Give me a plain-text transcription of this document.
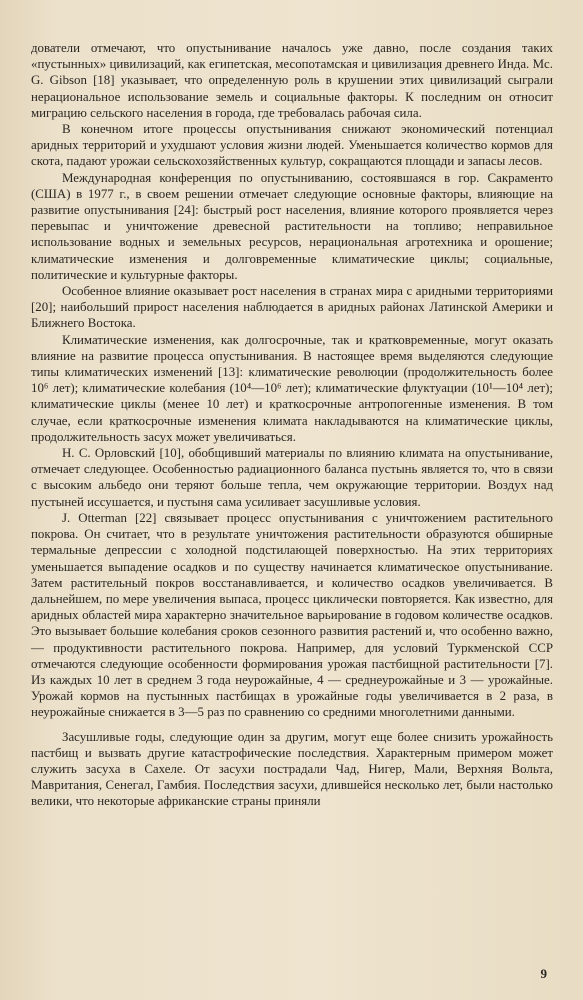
дователи отмечают, что опустынивание началось уже давно, после создания таких «пустынных» цивилизаций, как египетская, месопотамская и цивилизация древнего Инда. Mc. G. Gibson [18] указывает, что определенную роль в крушении этих цивилизаций сыграли нерациональное использование земель и социальные факторы. К последним он относит миграцию сельского населения в города, где требовалась рабочая сила.

В конечном итоге процессы опустынивания снижают экономический потенциал аридных территорий и ухудшают условия жизни людей. Уменьшается количество кормов для скота, падают урожаи сельскохозяйственных культур, сокращаются площади и запасы лесов.

Международная конференция по опустыниванию, состоявшаяся в гор. Сакраменто (США) в 1977 г., в своем решении отмечает следующие основные факторы, влияющие на развитие опустынивания [24]: быстрый рост населения, влияние которого проявляется через перевыпас и уничтожение древесной растительности на топливо; неправильное использование водных и земельных ресурсов, нерациональная агротехника и орошение; климатические изменения и долговременные климатические циклы; социальные, политические и культурные факторы.

Особенное влияние оказывает рост населения в странах мира с аридными территориями [20]; наибольший прирост населения наблюдается в аридных районах Латинской Америки и Ближнего Востока.

Климатические изменения, как долгосрочные, так и кратковременные, могут оказать влияние на развитие процесса опустынивания. В настоящее время выделяются следующие типы климатических изменений [13]: климатические революции (продолжительность более 10⁶ лет); климатические колебания (10⁴—10⁶ лет); климатические флуктуации (10¹—10⁴ лет); климатические циклы (менее 10 лет) и краткосрочные антропогенные изменения. В том случае, если краткосрочные изменения климата накладываются на климатические циклы, продолжительность засух может увеличиваться.

Н. С. Орловский [10], обобщивший материалы по влиянию климата на опустынивание, отмечает следующее. Особенностью радиационного баланса пустынь является то, что в связи с высоким альбедо они теряют больше тепла, чем окружающие территории. Воздух над пустыней иссушается, и пустыня сама усиливает засушливые условия.

J. Otterman [22] связывает процесс опустынивания с уничтожением растительного покрова. Он считает, что в результате уничтожения растительности образуются обширные термальные депрессии с холодной подстилающей поверхностью. На этих территориях уменьшается выпадение осадков и по существу начинается климатическое опустынивание. Затем растительный покров восстанавливается, и количество осадков увеличивается. В дальнейшем, по мере увеличения выпаса, процесс циклически повторяется. Как известно, для аридных областей мира характерно значительное варьирование в годовом количестве осадков. Это вызывает большие колебания сроков сезонного развития растений и, что особенно важно, — продуктивности растительного покрова. Например, для условий Туркменской ССР отмечаются следующие особенности формирования урожая пастбищной растительности [7]. Из каждых 10 лет в среднем 3 года неурожайные, 4 — среднеурожайные и 3 — урожайные. Урожай кормов на пустынных пастбищах в урожайные годы увеличивается в 2 раза, в неурожайные снижается в 3—5 раз по сравнению со средними многолетними данными.

Засушливые годы, следующие один за другим, могут еще более снизить урожайность пастбищ и вызвать другие катастрофические последствия. Характерным примером может служить засуха в Сахеле. От засухи пострадали Чад, Нигер, Мали, Верхняя Вольта, Мавритания, Сенегал, Гамбия. Последствия засухи, длившейся несколько лет, были настолько велики, что некоторые африканские страны приняли

9
